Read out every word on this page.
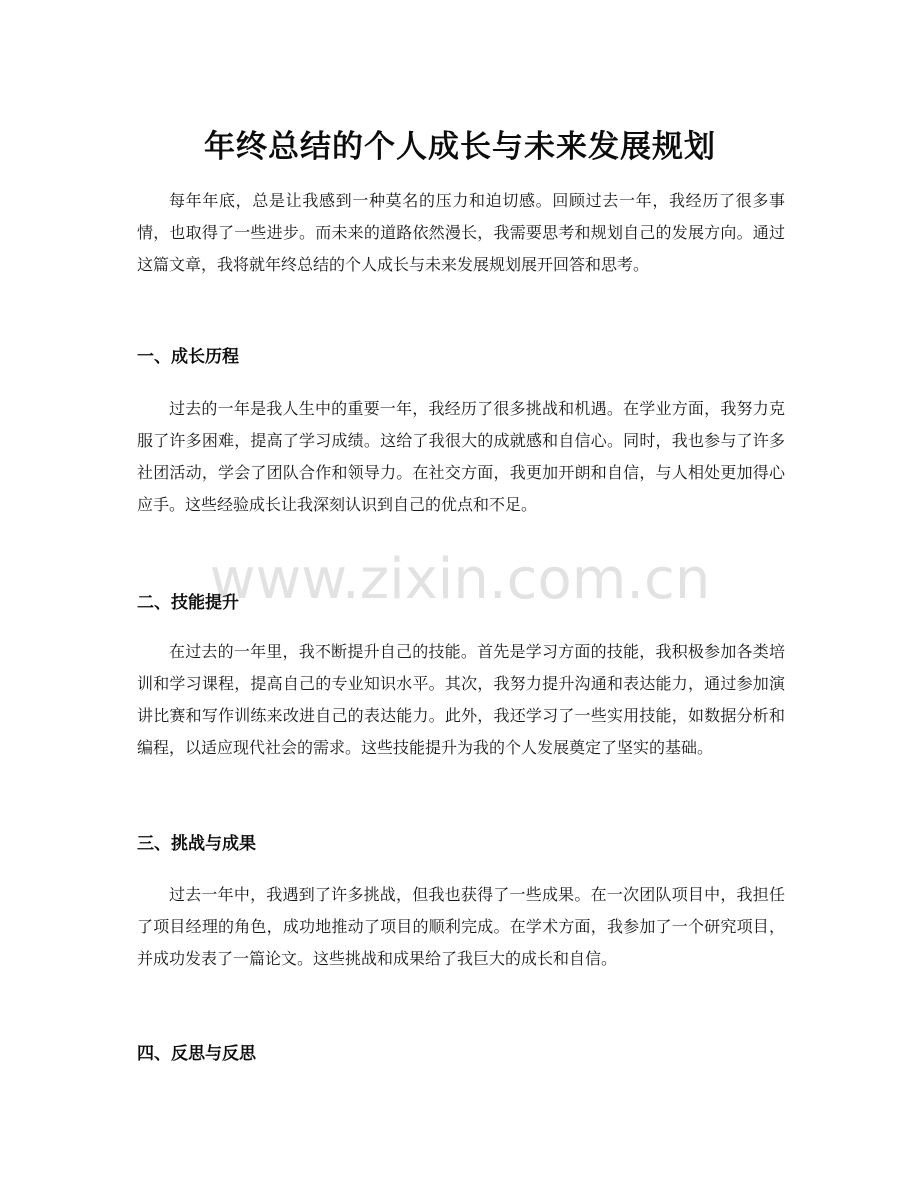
年终总结的个人成长与未来发展规划

每年年底，总是让我感到一种莫名的压力和迫切感。回顾过去一年，我经历了很多事情，也取得了一些进步。而未来的道路依然漫长，我需要思考和规划自己的发展方向。通过这篇文章，我将就年终总结的个人成长与未来发展规划展开回答和思考。

一、成长历程

过去的一年是我人生中的重要一年，我经历了很多挑战和机遇。在学业方面，我努力克服了许多困难，提高了学习成绩。这给了我很大的成就感和自信心。同时，我也参与了许多社团活动，学会了团队合作和领导力。在社交方面，我更加开朗和自信，与人相处更加得心应手。这些经验成长让我深刻认识到自己的优点和不足。

二、技能提升

在过去的一年里，我不断提升自己的技能。首先是学习方面的技能，我积极参加各类培训和学习课程，提高自己的专业知识水平。其次，我努力提升沟通和表达能力，通过参加演讲比赛和写作训练来改进自己的表达能力。此外，我还学习了一些实用技能，如数据分析和编程，以适应现代社会的需求。这些技能提升为我的个人发展奠定了坚实的基础。

三、挑战与成果

过去一年中，我遇到了许多挑战，但我也获得了一些成果。在一次团队项目中，我担任了项目经理的角色，成功地推动了项目的顺利完成。在学术方面，我参加了一个研究项目，并成功发表了一篇论文。这些挑战和成果给了我巨大的成长和自信。

四、反思与反思
www.zixin.com.cn
